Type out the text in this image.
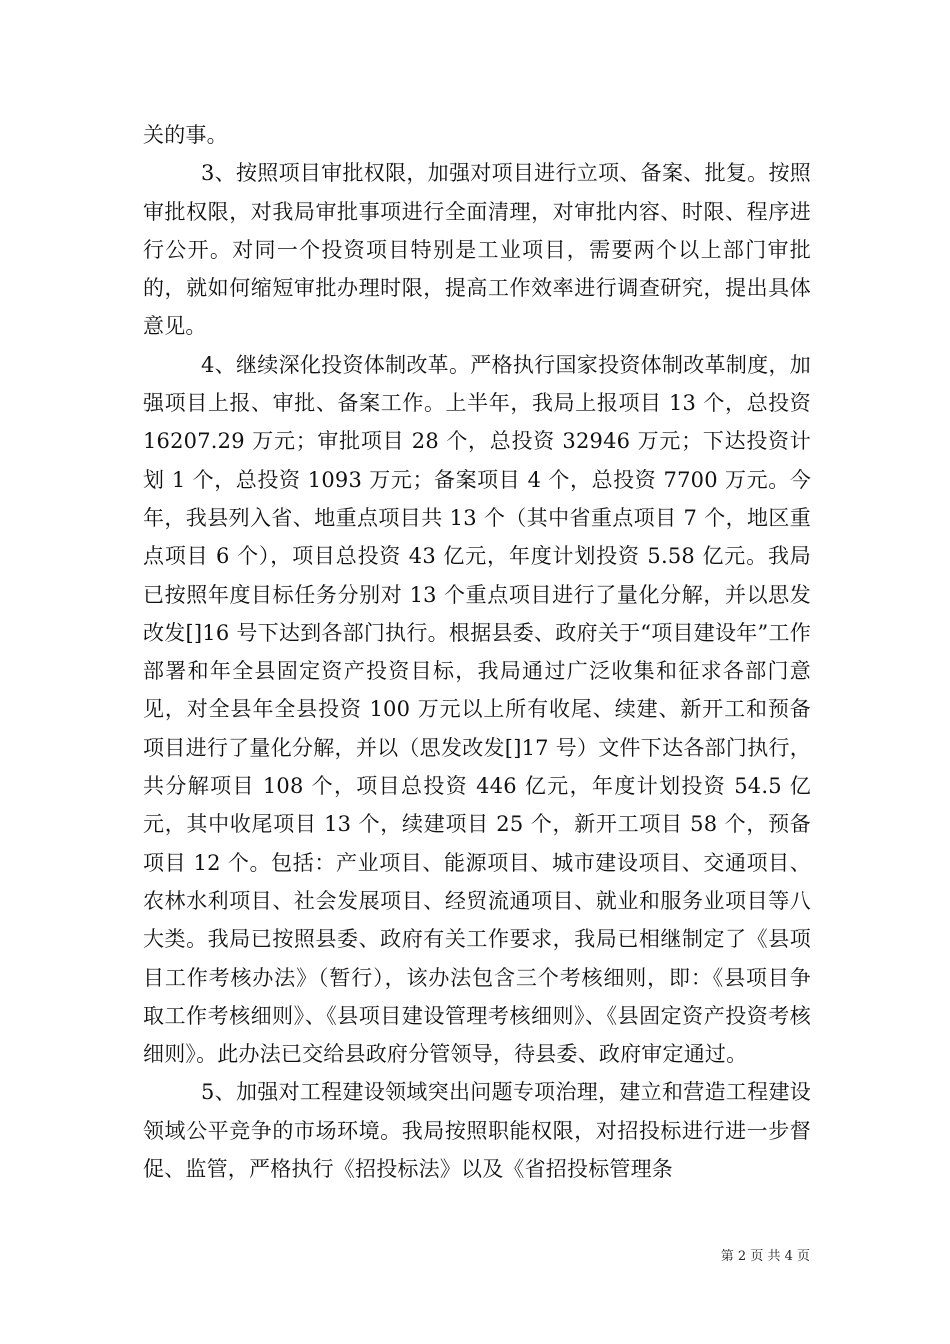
关的事。

3、按照项目审批权限，加强对项目进行立项、备案、批复。按照审批权限，对我局审批事项进行全面清理，对审批内容、时限、程序进行公开。对同一个投资项目特别是工业项目，需要两个以上部门审批的，就如何缩短审批办理时限，提高工作效率进行调查研究，提出具体意见。

4、继续深化投资体制改革。严格执行国家投资体制改革制度，加强项目上报、审批、备案工作。上半年，我局上报项目 13 个，总投资 16207.29 万元；审批项目 28 个，总投资 32946 万元；下达投资计划 1 个，总投资 1093 万元；备案项目 4 个，总投资 7700 万元。今年，我县列入省、地重点项目共 13 个（其中省重点项目 7 个，地区重点项目 6 个），项目总投资 43 亿元，年度计划投资 5.58 亿元。我局已按照年度目标任务分别对 13 个重点项目进行了量化分解，并以思发改发[]16 号下达到各部门执行。根据县委、政府关于“项目建设年”工作部署和年全县固定资产投资目标，我局通过广泛收集和征求各部门意见，对全县年全县投资 100 万元以上所有收尾、续建、新开工和预备项目进行了量化分解，并以（思发改发[]17 号）文件下达各部门执行，共分解项目 108 个，项目总投资 446 亿元，年度计划投资 54.5 亿元，其中收尾项目 13 个，续建项目 25 个，新开工项目 58 个，预备项目 12 个。包括：产业项目、能源项目、城市建设项目、交通项目、农林水利项目、社会发展项目、经贸流通项目、就业和服务业项目等八大类。我局已按照县委、政府有关工作要求，我局已相继制定了《县项目工作考核办法》（暂行），该办法包含三个考核细则，即：《县项目争取工作考核细则》、《县项目建设管理考核细则》、《县固定资产投资考核细则》。此办法已交给县政府分管领导，待县委、政府审定通过。

5、加强对工程建设领域突出问题专项治理，建立和营造工程建设领域公平竞争的市场环境。我局按照职能权限，对招投标进行进一步督促、监管，严格执行《招投标法》以及《省招投标管理条

第 2 页 共 4 页
